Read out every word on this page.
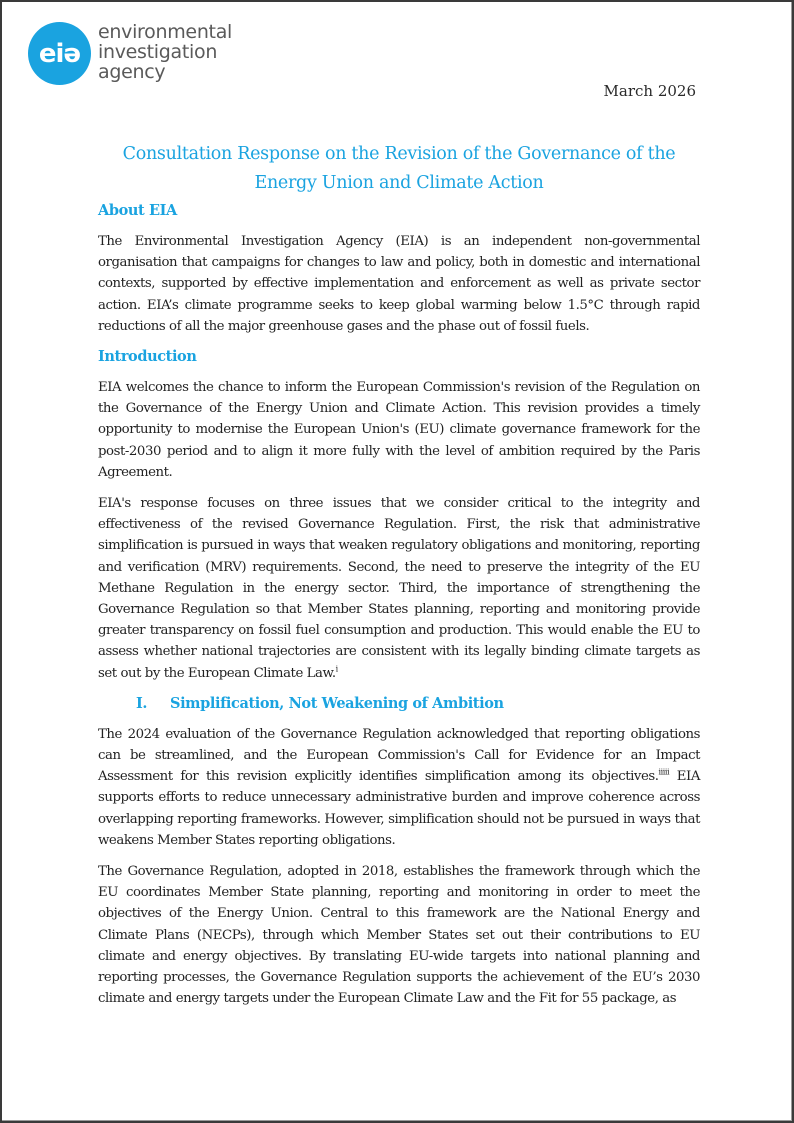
eiə
environmental
investigation
agency
March 2026
Consultation Response on the Revision of the Governance of the Energy Union and Climate Action
About EIA

The Environmental Investigation Agency (EIA) is an independent non-governmental organisation that campaigns for changes to law and policy, both in domestic and international contexts, supported by effective implementation and enforcement as well as private sector action. EIA’s climate programme seeks to keep global warming below 1.5°C through rapid reductions of all the major greenhouse gases and the phase out of fossil fuels.

Introduction

EIA welcomes the chance to inform the European Commission's revision of the Regulation on the Governance of the Energy Union and Climate Action. This revision provides a timely opportunity to modernise the European Union's (EU) climate governance framework for the post-2030 period and to align it more fully with the level of ambition required by the Paris Agreement.

EIA's response focuses on three issues that we consider critical to the integrity and effectiveness of the revised Governance Regulation. First, the risk that administrative simplification is pursued in ways that weaken regulatory obligations and monitoring, reporting and verification (MRV) requirements. Second, the need to preserve the integrity of the EU Methane Regulation in the energy sector. Third, the importance of strengthening the Governance Regulation so that Member States planning, reporting and monitoring provide greater transparency on fossil fuel consumption and production. This would enable the EU to assess whether national trajectories are consistent with its legally binding climate targets as set out by the European Climate Law.$^i$

I.	Simplification, Not Weakening of Ambition

The 2024 evaluation of the Governance Regulation acknowledged that reporting obligations can be streamlined, and the European Commission's Call for Evidence for an Impact Assessment for this revision explicitly identifies simplification among its objectives.$^{iiiii}$ EIA supports efforts to reduce unnecessary administrative burden and improve coherence across overlapping reporting frameworks. However, simplification should not be pursued in ways that weakens Member States reporting obligations.

The Governance Regulation, adopted in 2018, establishes the framework through which the EU coordinates Member State planning, reporting and monitoring in order to meet the objectives of the Energy Union. Central to this framework are the National Energy and Climate Plans (NECPs), through which Member States set out their contributions to EU climate and energy objectives. By translating EU-wide targets into national planning and reporting processes, the Governance Regulation supports the achievement of the EU’s 2030 climate and energy targets under the European Climate Law and the Fit for 55 package, as
